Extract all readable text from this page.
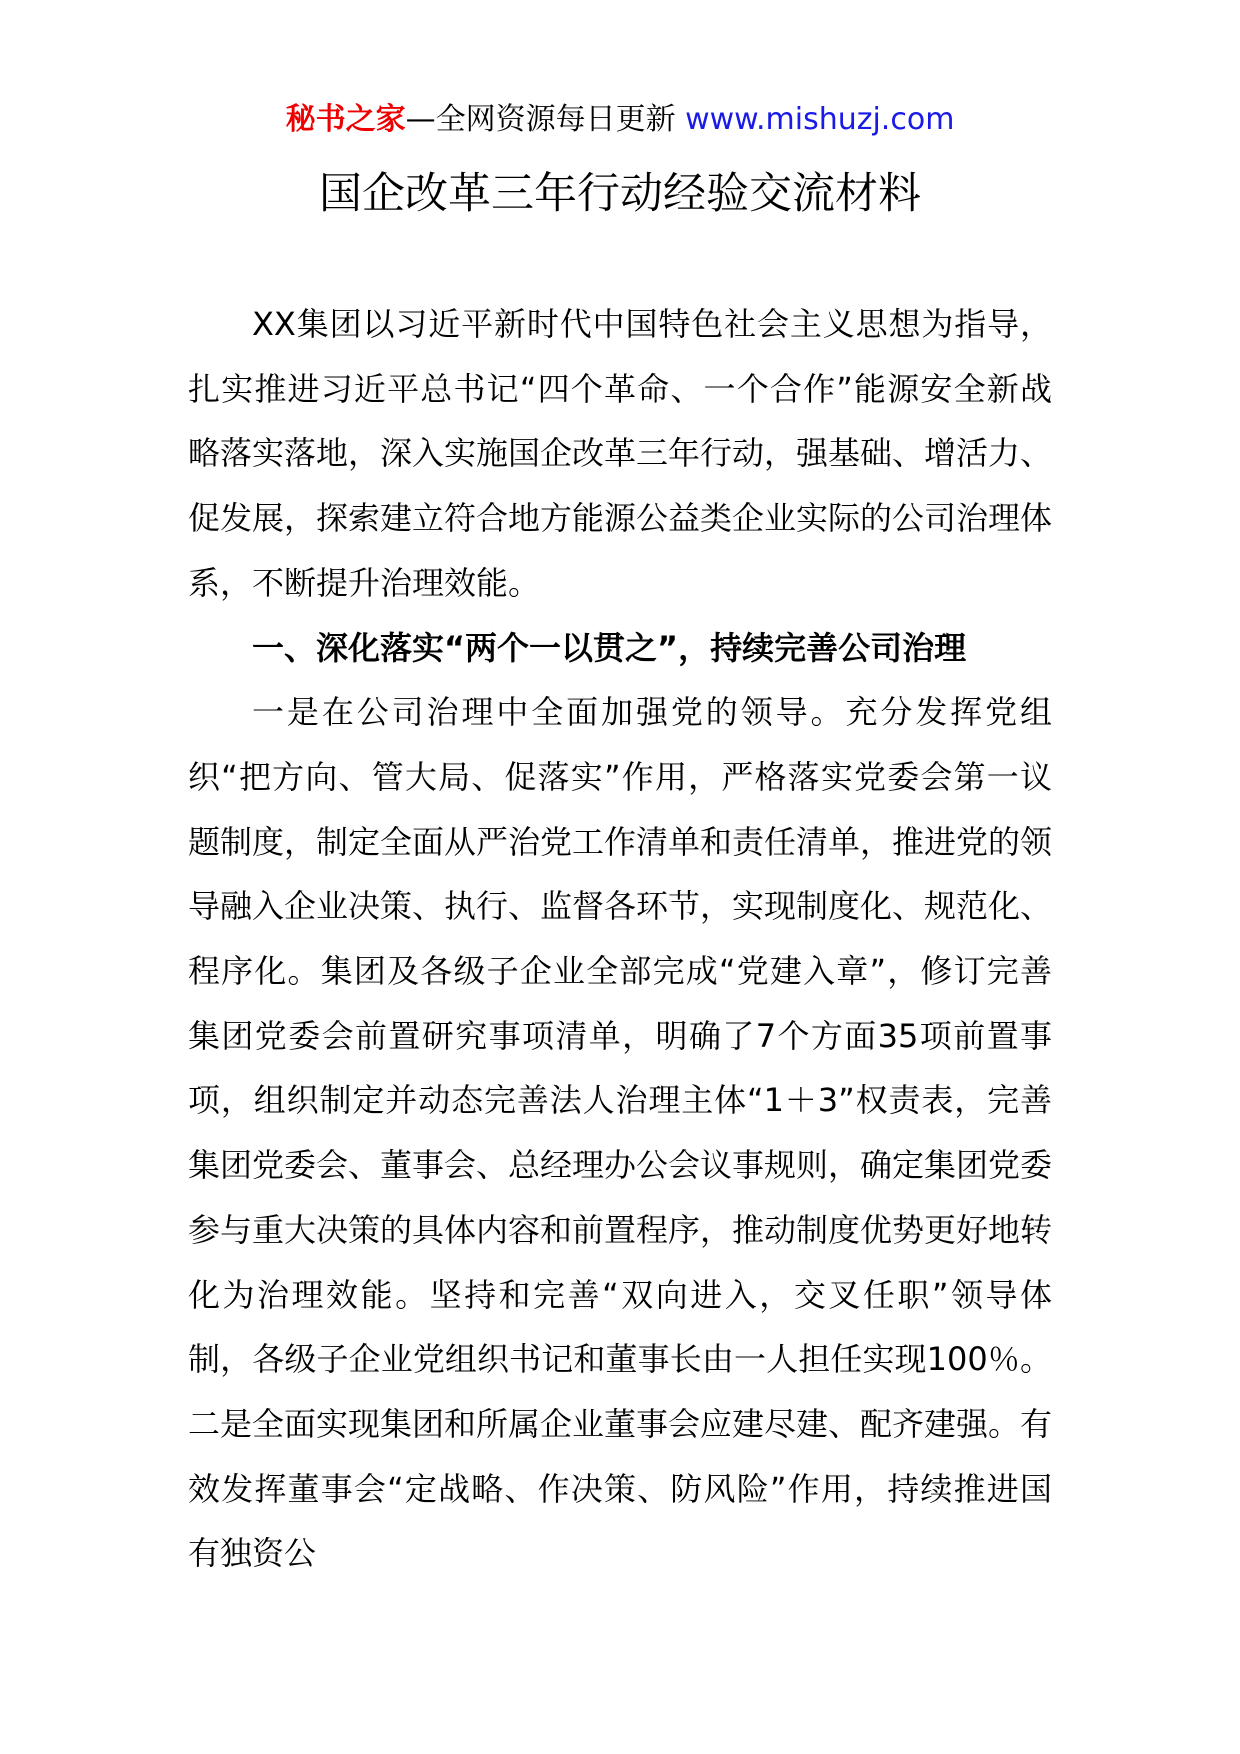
秘书之家—全网资源每日更新 www.mishuzj.com
国企改革三年行动经验交流材料

XX集团以习近平新时代中国特色社会主义思想为指导，扎实推进习近平总书记“四个革命、一个合作”能源安全新战略落实落地，深入实施国企改革三年行动，强基础、增活力、促发展，探索建立符合地方能源公益类企业实际的公司治理体系，不断提升治理效能。

一、深化落实“两个一以贯之”，持续完善公司治理

一是在公司治理中全面加强党的领导。充分发挥党组织“把方向、管大局、促落实”作用，严格落实党委会第一议题制度，制定全面从严治党工作清单和责任清单，推进党的领导融入企业决策、执行、监督各环节，实现制度化、规范化、程序化。集团及各级子企业全部完成“党建入章”，修订完善集团党委会前置研究事项清单，明确了7个方面35项前置事项，组织制定并动态完善法人治理主体“1＋3”权责表，完善集团党委会、董事会、总经理办公会议事规则，确定集团党委参与重大决策的具体内容和前置程序，推动制度优势更好地转化为治理效能。坚持和完善“双向进入，交叉任职”领导体制，各级子企业党组织书记和董事长由一人担任实现100％。二是全面实现集团和所属企业董事会应建尽建、配齐建强。有效发挥董事会“定战略、作决策、防风险”作用，持续推进国有独资公
